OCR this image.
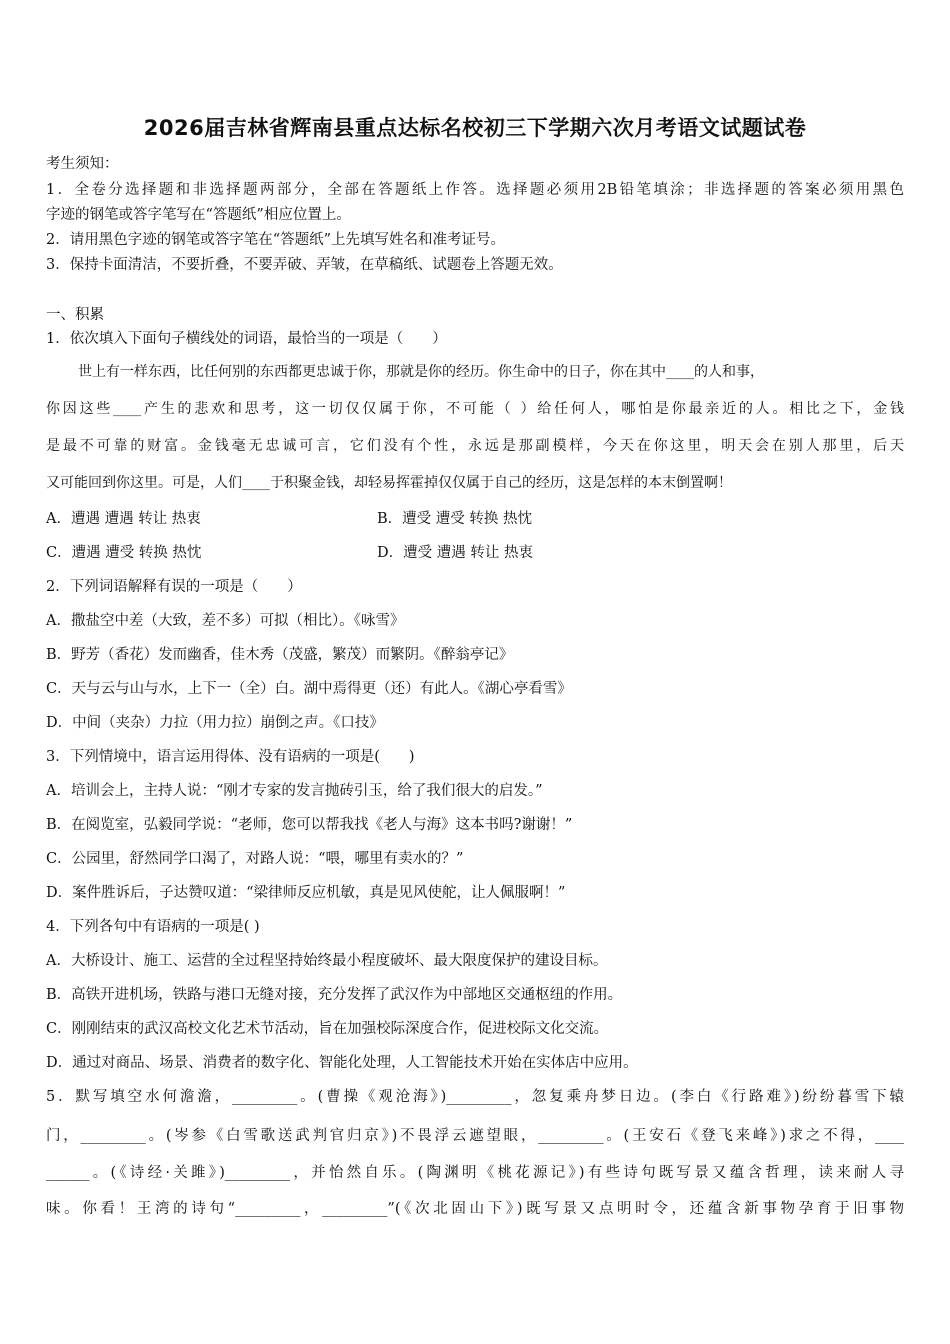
2026届吉林省辉南县重点达标名校初三下学期六次月考语文试题试卷
考生须知：
1．全卷分选择题和非选择题两部分，全部在答题纸上作答。选择题必须用2B铅笔填涂；非选择题的答案必须用黑色
字迹的钢笔或答字笔写在“答题纸”相应位置上。
2．请用黑色字迹的钢笔或答字笔在“答题纸”上先填写姓名和准考证号。
3．保持卡面清洁，不要折叠，不要弄破、弄皱，在草稿纸、试题卷上答题无效。
一、积累
1．依次填入下面句子横线处的词语，最恰当的一项是（　　）
世上有一样东西，比任何别的东西都更忠诚于你，那就是你的经历。你生命中的日子，你在其中____的人和事，
你因这些____产生的悲欢和思考，这一切仅仅属于你，不可能（ ）给任何人，哪怕是你最亲近的人。相比之下，金钱
是最不可靠的财富。金钱毫无忠诚可言，它们没有个性，永远是那副模样，今天在你这里，明天会在别人那里，后天
又可能回到你这里。可是，人们____于积聚金钱，却轻易挥霍掉仅仅属于自己的经历，这是怎样的本末倒置啊！
A．遭遇 遭遇 转让 热衷	B．遭受 遭受 转换 热忱
C．遭遇 遭受 转换 热忱	D．遭受 遭遇 转让 热衷
2．下列词语解释有误的一项是（　　）
A．撒盐空中差（大致，差不多）可拟（相比）。《咏雪》
B．野芳（香花）发而幽香，佳木秀（茂盛，繁茂）而繁阴。《醉翁亭记》
C．天与云与山与水，上下一（全）白。湖中焉得更（还）有此人。《湖心亭看雪》
D．中间（夹杂）力拉（用力拉）崩倒之声。《口技》
3．下列情境中，语言运用得体、没有语病的一项是(　　)
A．培训会上，主持人说：“刚才专家的发言抛砖引玉，给了我们很大的启发。”
B．在阅览室，弘毅同学说：“老师，您可以帮我找《老人与海》这本书吗?谢谢！”
C．公园里，舒然同学口渴了，对路人说：“喂，哪里有卖水的？”
D．案件胜诉后，子达赞叹道：“梁律师反应机敏，真是见风使舵，让人佩服啊！”
4．下列各句中有语病的一项是( )
A．大桥设计、施工、运营的全过程坚持始终最小程度破坏、最大限度保护的建设目标。
B．高铁开进机场，铁路与港口无缝对接，充分发挥了武汉作为中部地区交通枢纽的作用。
C．刚刚结束的武汉高校文化艺术节活动，旨在加强校际深度合作，促进校际文化交流。
D．通过对商品、场景、消费者的数字化、智能化处理，人工智能技术开始在实体店中应用。
5．默写填空水何澹澹，_________。(曹操《观沧海》)_________，忽复乘舟梦日边。(李白《行路难》)纷纷暮雪下辕
门，_________。(岑参《白雪歌送武判官归京》)不畏浮云遮望眼，_________。(王安石《登飞来峰》)求之不得，____
______。(《诗经·关雎》)_________，并怡然自乐。(陶渊明《桃花源记》)有些诗句既写景又蕴含哲理，读来耐人寻
味。你看！王湾的诗句“_________，_________”(《次北固山下》)既写景又点明时令，还蕴含新事物孕育于旧事物
